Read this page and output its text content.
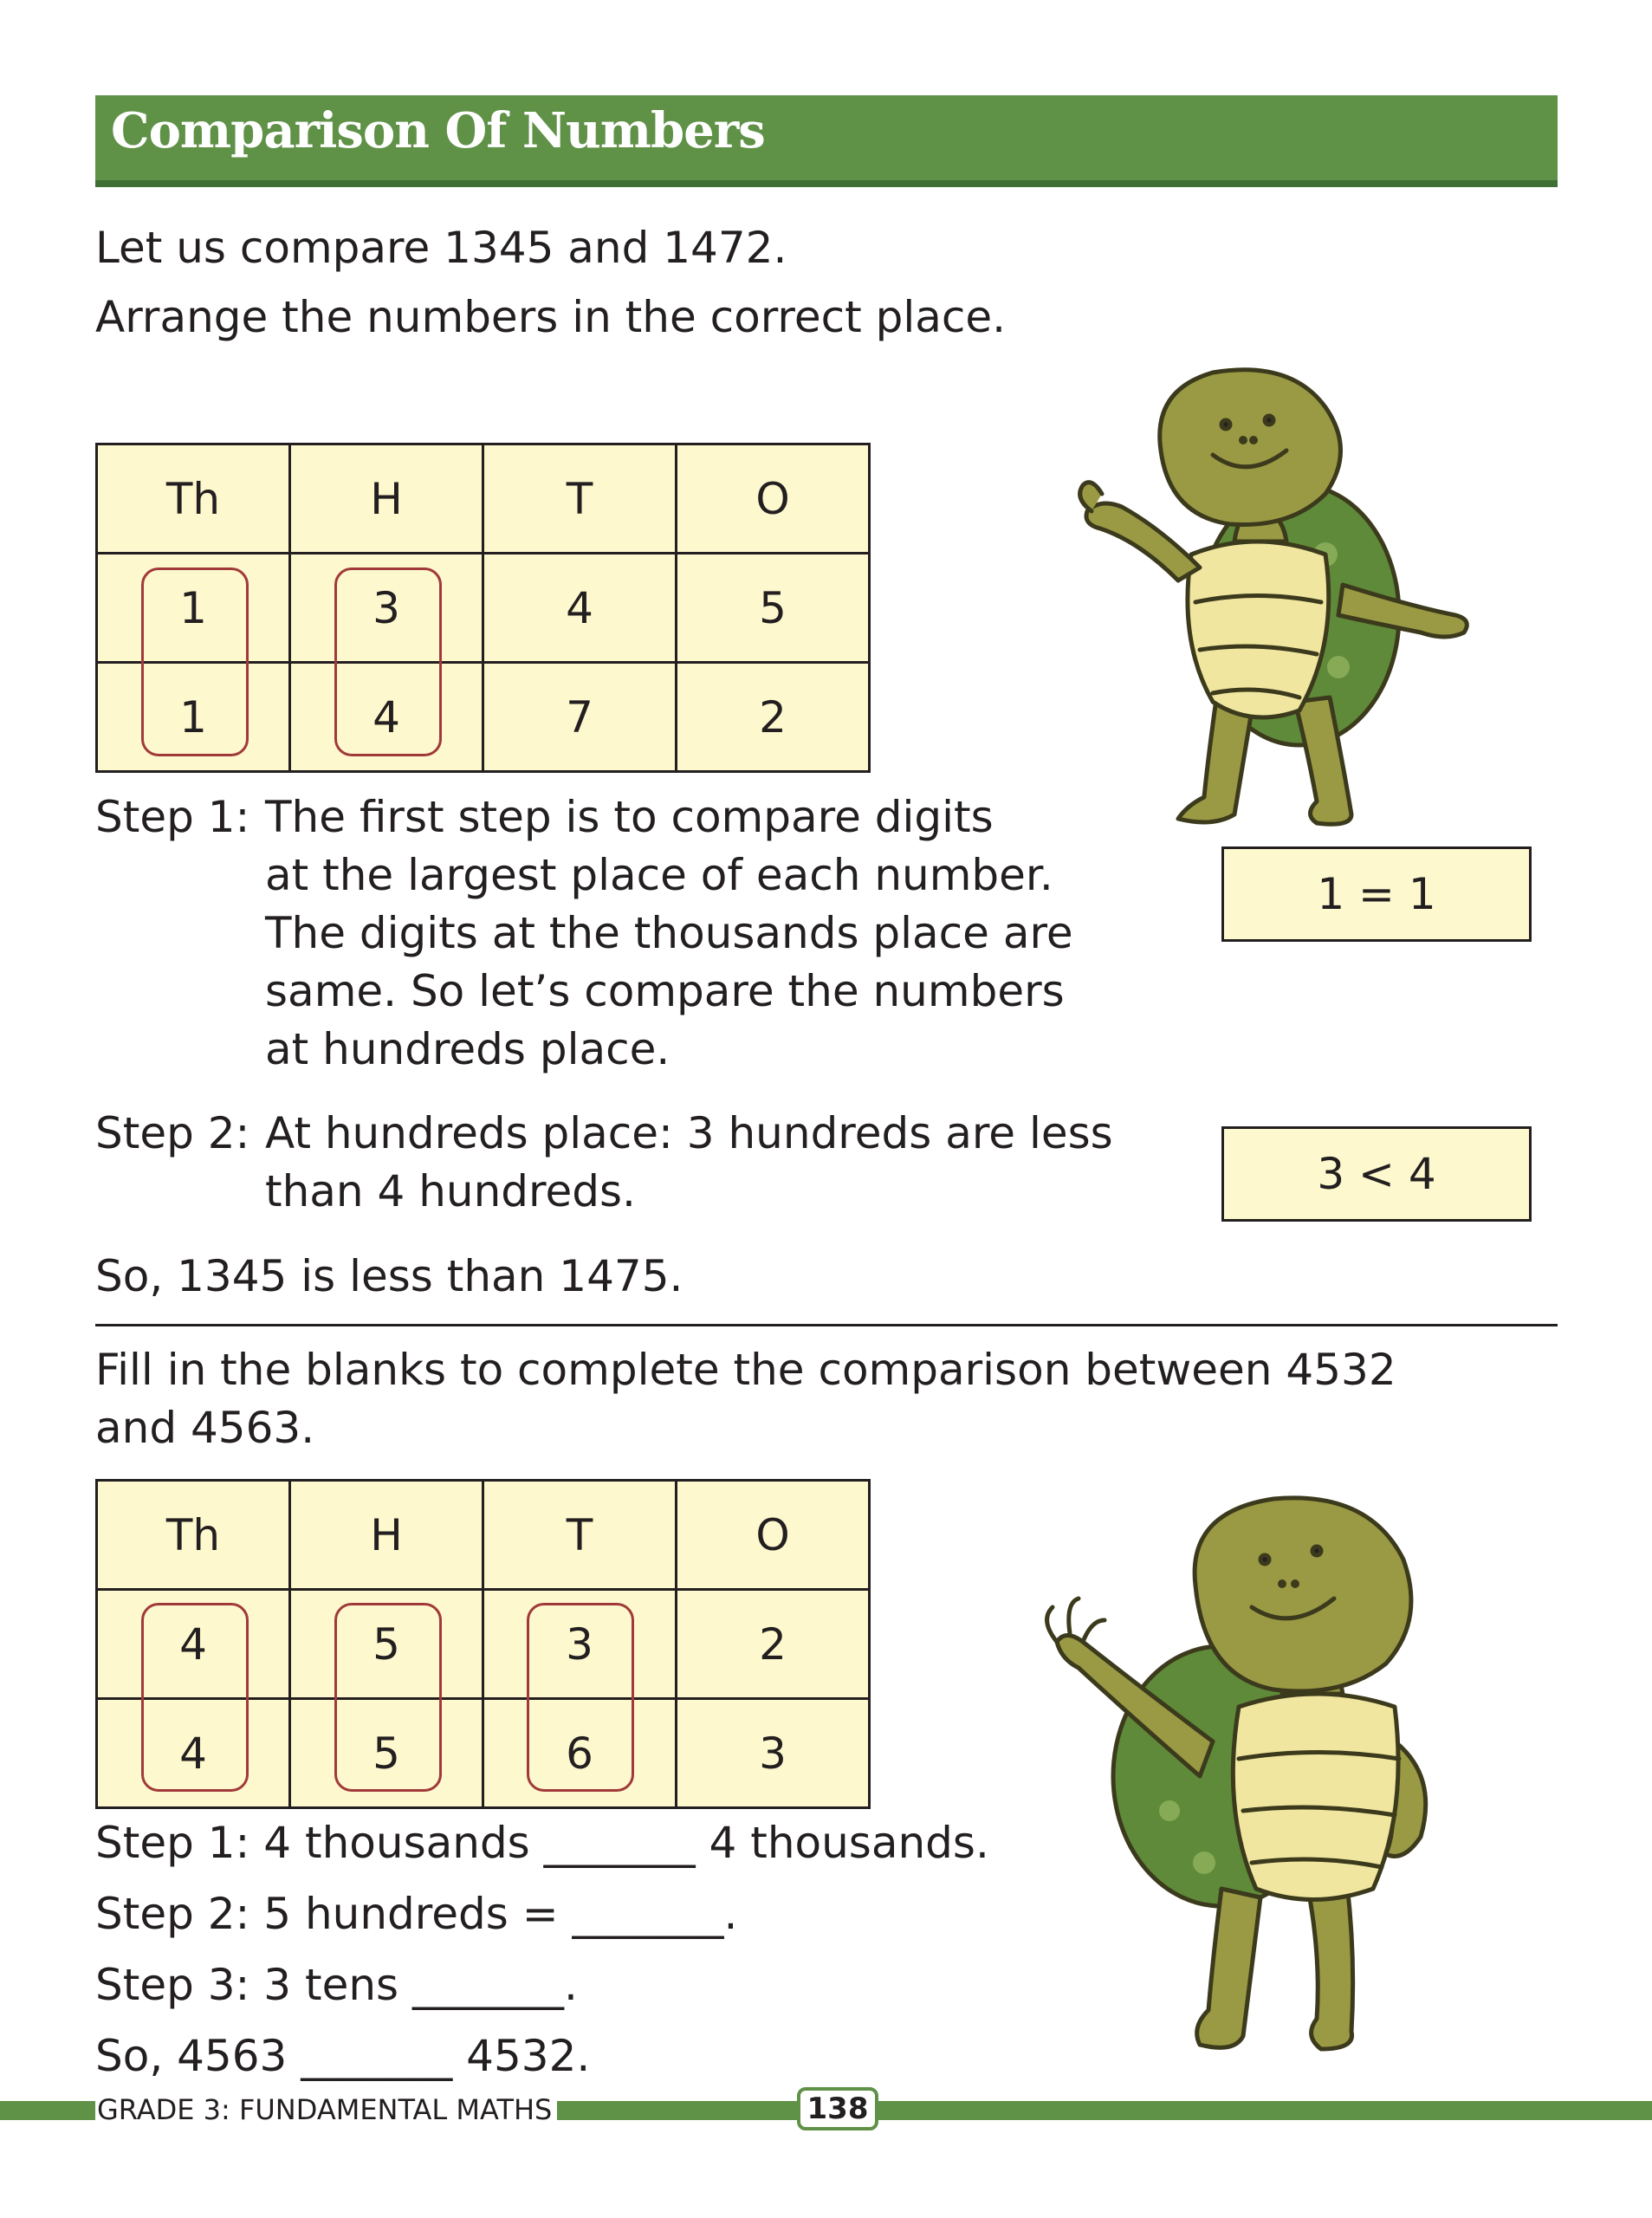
Comparison Of Numbers
Let us compare 1345 and 1472.
Arrange the numbers in the correct place.
Th	H	T	O
1	3	4	5
1	4	7	2
Step 1: The first step is to compare digits
at the largest place of each number.
The digits at the thousands place are
same. So let’s compare the numbers
at hundreds place.
1 = 1
Step 2: At hundreds place: 3 hundreds are less
than 4 hundreds.	3 < 4
So, 1345 is less than 1475.
Fill in the blanks to complete the comparison between 4532
and 4563.
Th	H	T	O
4	5	3	2
4	5	6	3
Step 1: 4 thousands _______ 4 thousands.
Step 2: 5 hundreds = _______.
Step 3: 3 tens _______.
So, 4563 _______ 4532.
GRADE 3: FUNDAMENTAL MATHS	138
